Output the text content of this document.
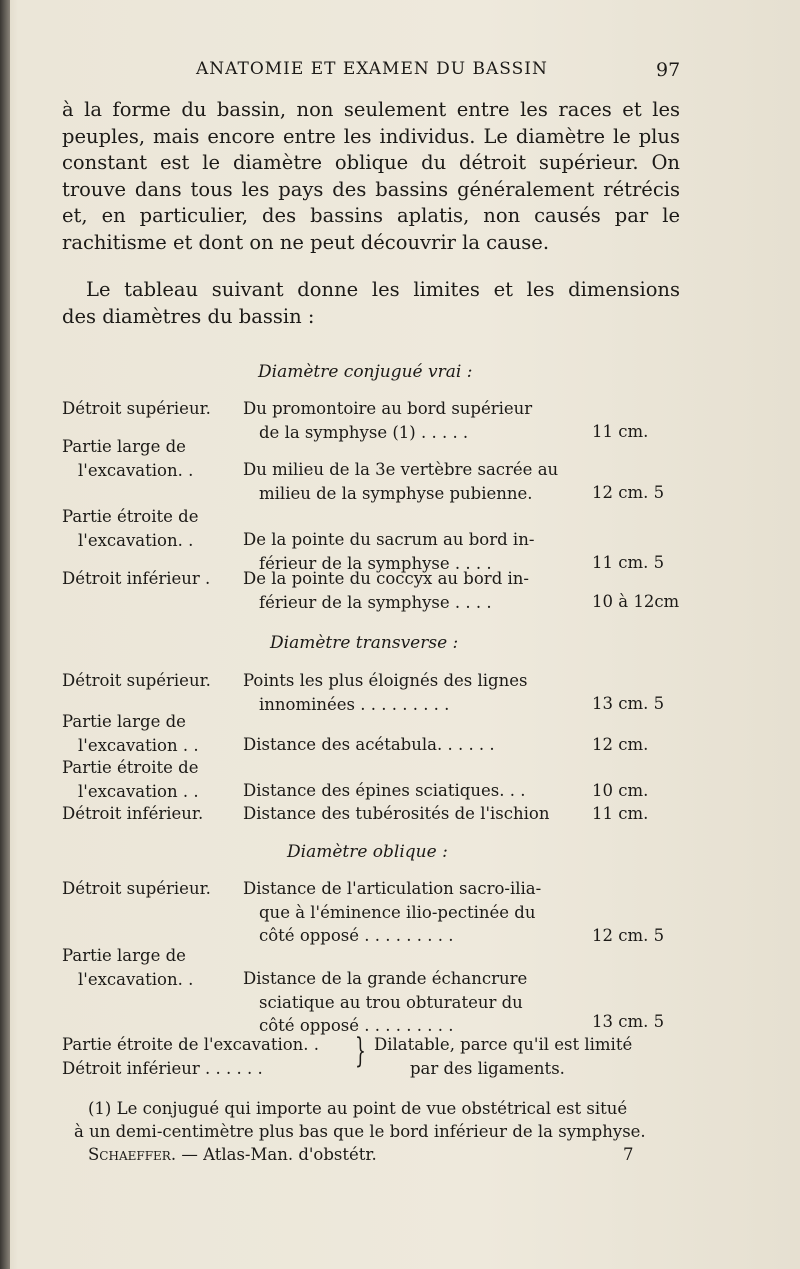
ANATOMIE ET EXAMEN DU BASSIN	97
à la forme du bassin, non seulement entre les races et les
peuples, mais encore entre les individus. Le diamètre le plus
constant est le diamètre oblique du détroit supérieur. On
trouve dans tous les pays des bassins généralement rétrécis
et, en particulier, des bassins aplatis, non causés par le
rachitisme et dont on ne peut découvrir la cause.
Le tableau suivant donne les limites et les dimensions
des diamètres du bassin :
Diamètre conjugué vrai :
Détroit supérieur. Du promontoire au bord supérieur
de la symphyse (1) . . . . .	11 cm.
Partie large de
l'excavation. .	Du milieu de la 3e vertèbre sacrée au
milieu de la symphyse pubienne.	12 cm. 5
Partie étroite de
l'excavation. .	De la pointe du sacrum au bord in-
férieur de la symphyse . . . .	11 cm. 5
Détroit inférieur . De la pointe du coccyx au bord in-
férieur de la symphyse . . . .	10 à 12cm
Diamètre transverse :
Détroit supérieur. Points les plus éloignés des lignes
innominées . . . . . . . . .	13 cm. 5
Partie large de
l'excavation . .	Distance des acétabula. . . . . .	12 cm.
Partie étroite de
l'excavation . .	Distance des épines sciatiques. . .	10 cm.
Détroit inférieur. Distance des tubérosités de l'ischion	11 cm.
Diamètre oblique :
Détroit supérieur. Distance de l'articulation sacro-ilia-
que à l'éminence ilio-pectinée du
côté opposé . . . . . . . . .	12 cm. 5
Partie large de
l'excavation. .	Distance de la grande échancrure
sciatique au trou obturateur du
côté opposé . . . . . . . . .	13 cm. 5
Partie étroite de l'excavation. .
Détroit inférieur . . . . . .	} Dilatable, parce qu'il est limité
par des ligaments.
(1) Le conjugué qui importe au point de vue obstétrical est situé
à un demi-centimètre plus bas que le bord inférieur de la symphyse.
Schaeffer. — Atlas-Man. d'obstétr.	7
